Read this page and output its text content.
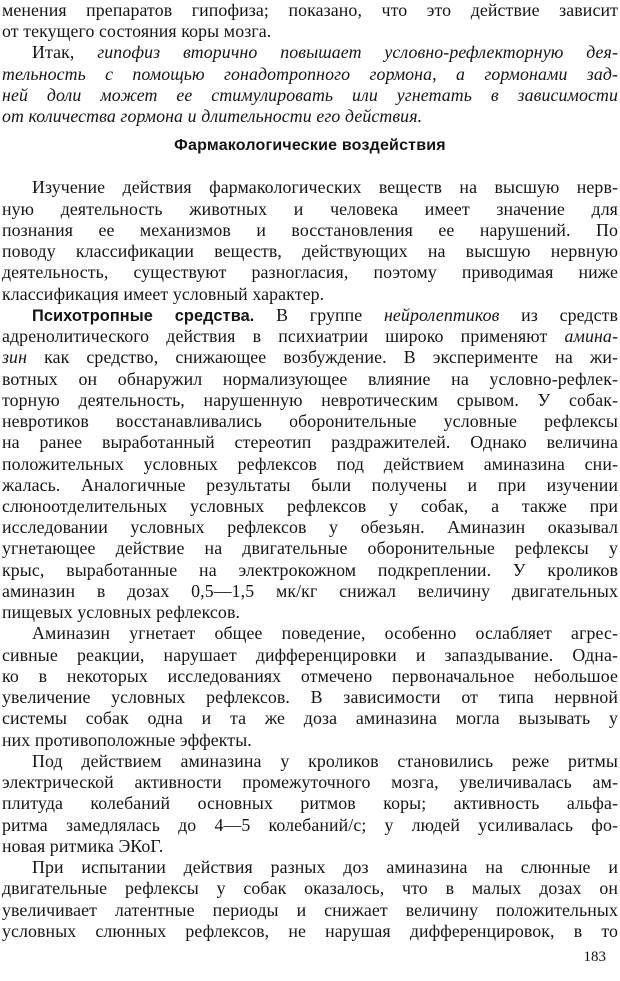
менения препаратов гипофиза; показано, что это действие зависит
от текущего состояния коры мозга.
Итак, гипофиз вторично повышает условно-рефлекторную дея-
тельность с помощью гонадотропного гормона, а гормонами зад-
ней доли может ее стимулировать или угнетать в зависимости
от количества гормона и длительности его действия.
Фармакологические воздействия
Изучение действия фармакологических веществ на высшую нерв-
ную деятельность животных и человека имеет значение для
познания ее механизмов и восстановления ее нарушений. По
поводу классификации веществ, действующих на высшую нервную
деятельность, существуют разногласия, поэтому приводимая ниже
классификация имеет условный характер.
Психотропные средства. В группе нейролептиков из средств
адренолитического действия в психиатрии широко применяют амина-
зин как средство, снижающее возбуждение. В эксперименте на жи-
вотных он обнаружил нормализующее влияние на условно-рефлек-
торную деятельность, нарушенную невротическим срывом. У собак-
невротиков восстанавливались оборонительные условные рефлексы
на ранее выработанный стереотип раздражителей. Однако величина
положительных условных рефлексов под действием аминазина сни-
жалась. Аналогичные результаты были получены и при изучении
слюноотделительных условных рефлексов у собак, а также при
исследовании условных рефлексов у обезьян. Аминазин оказывал
угнетающее действие на двигательные оборонительные рефлексы у
крыс, выработанные на электрокожном подкреплении. У кроликов
аминазин в дозах 0,5—1,5 мк/кг снижал величину двигательных
пищевых условных рефлексов.
Аминазин угнетает общее поведение, особенно ослабляет агрес-
сивные реакции, нарушает дифференцировки и запаздывание. Одна-
ко в некоторых исследованиях отмечено первоначальное небольшое
увеличение условных рефлексов. В зависимости от типа нервной
системы собак одна и та же доза аминазина могла вызывать у
них противоположные эффекты.
Под действием аминазина у кроликов становились реже ритмы
электрической активности промежуточного мозга, увеличивалась ам-
плитуда колебаний основных ритмов коры; активность альфа-
ритма замедлялась до 4—5 колебаний/с; у людей усиливалась фо-
новая ритмика ЭКоГ.
При испытании действия разных доз аминазина на слюнные и
двигательные рефлексы у собак оказалось, что в малых дозах он
увеличивает латентные периоды и снижает величину положительных
условных слюнных рефлексов, не нарушая дифференцировок, в то
183
